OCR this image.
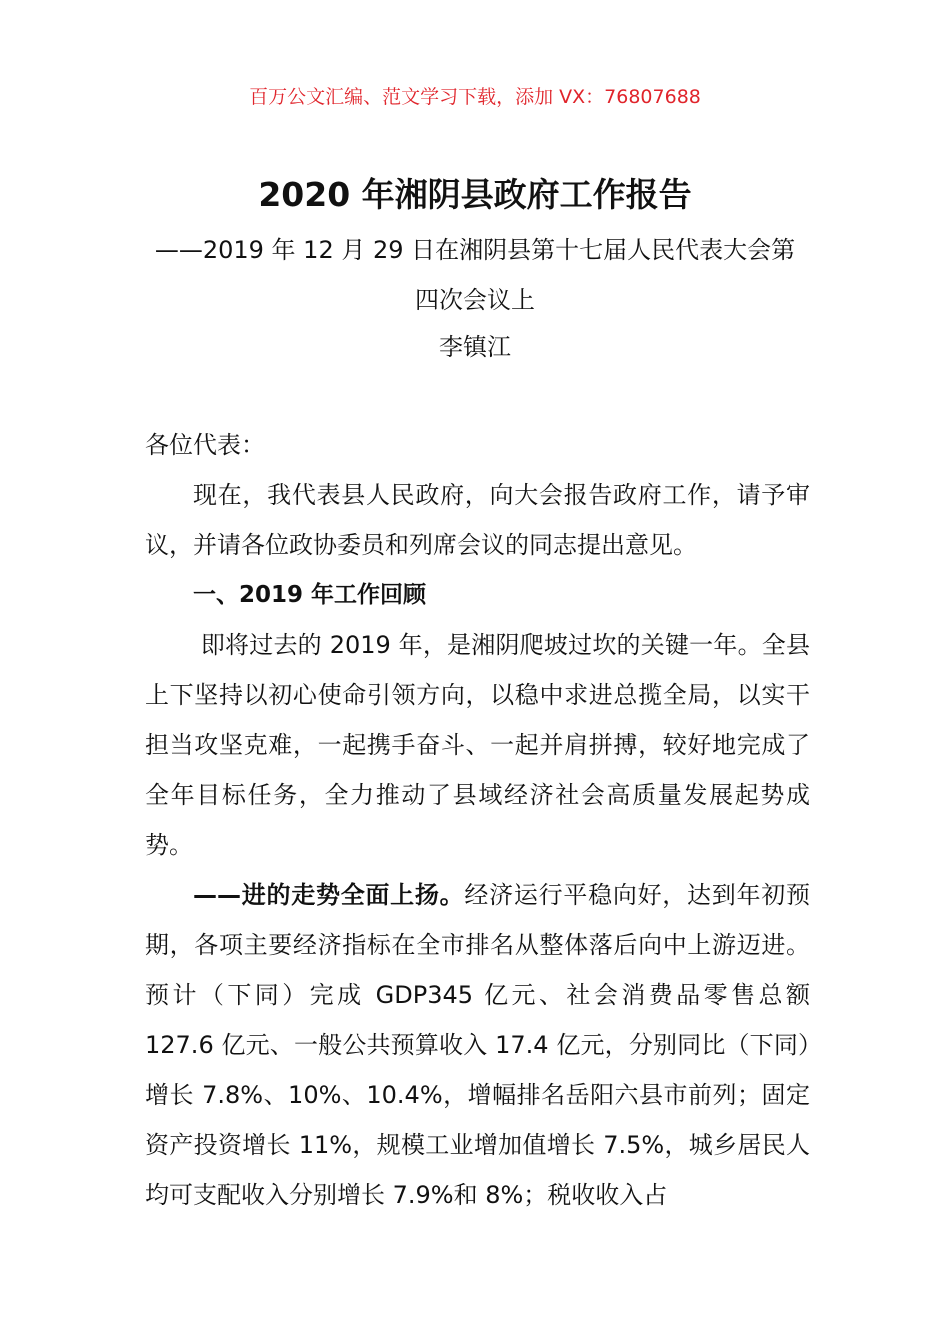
百万公文汇编、范文学习下载，添加 VX：76807688
2020 年湘阴县政府工作报告
——2019 年 12 月 29 日在湘阴县第十七届人民代表大会第四次会议上
李镇江

各位代表：

现在，我代表县人民政府，向大会报告政府工作，请予审议，并请各位政协委员和列席会议的同志提出意见。

一、2019 年工作回顾

即将过去的 2019 年，是湘阴爬坡过坎的关键一年。全县上下坚持以初心使命引领方向，以稳中求进总揽全局，以实干担当攻坚克难，一起携手奋斗、一起并肩拼搏，较好地完成了全年目标任务，全力推动了县域经济社会高质量发展起势成势。

——进的走势全面上扬。经济运行平稳向好，达到年初预期，各项主要经济指标在全市排名从整体落后向中上游迈进。预计（下同）完成 GDP345 亿元、社会消费品零售总额 127.6 亿元、一般公共预算收入 17.4 亿元，分别同比（下同）增长 7.8%、10%、10.4%，增幅排名岳阳六县市前列；固定资产投资增长 11%，规模工业增加值增长 7.5%，城乡居民人均可支配收入分别增长 7.9%和 8%；税收收入占
